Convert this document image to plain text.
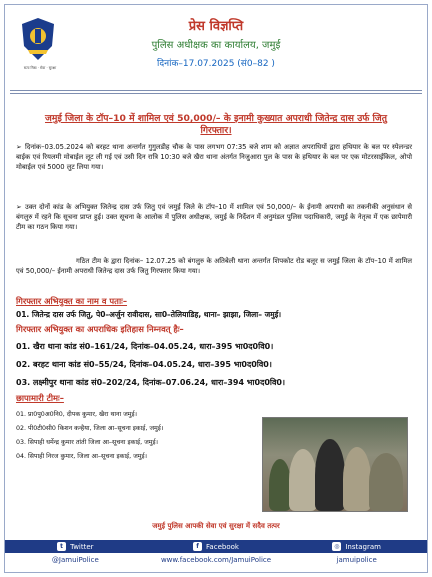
सत्य निष्ठा · सेवा · सुरक्षा
प्रेस विज्ञप्ति
पुलिस अधीक्षक का कार्यालय, जमुई
दिनांक–17.07.2025 (सं0–82 )
जमुई जिला के टॉप–10 में शामिल एवं 50,000/– के इनामी कुख्यात अपराधी जितेन्द्र दास उर्फ जितु गिरफ्तार।
➢ दिनांक–03.05.2024 को बरहट थाना अन्तर्गत गुगुलडीह चौक के पास लगभग 07:35 बजे शाम को अज्ञात अपराधियों द्वारा हथियार के बल पर स्पेलन्डर बाईक एवं रियलमी मोबाईल लूट ली गई एवं उसी दिन रात्रि 10:30 बजे खैरा थाना अंतर्गत निजुआरा पुल के पास के हथियार के बल पर एक मोटरसाईकिल, ओपो मोबाईल एवं 5000 लुट लिया गया।
➢ उक्त दोनों कांड के अभियुक्त जितेन्द्र दास उर्फ जितु एवं जमुई जिले के टॉप–10 में शामिल एवं 50,000/– के ईनामी अपराधी का तकनीकी अनुसंधान से बंगलुरु में रहने कि सूचना प्राप्त हुई। उक्त सूचना के आलोक में पुलिस अधीक्षक, जमुई के निर्देशन में अनुमंडल पुलिस पदाधिकारी, जमुई के नेतृत्व में एक छापेमारी टीम का गठन किया गया।
गठित टीम के द्वारा दिनांक– 12.07.25 को बंगलुरु के अतिबेली थाना अन्तर्गत शिपकोट रोड बलूर स जमुई जिला के टॉप–10 में शामिल एवं 50,000/– ईनामी अपराधी जितेन्द्र दास उर्फ जितु गिरफ्तार किया गया।
गिरफ्तार अभियुक्त का नाम व पताः–
01. जितेन्द्र दास उर्फ जितु, पे0–अर्जुन रावीदास, सा0–तेलियाडिह, थाना– झाझा, जिला– जमुई।
गिरफ्तार अभियुक्त का अपराधिक इतिहास निम्नवत् हैः–
01. खैरा थाना कांड सं0–161/24, दिनांक–04.05.24, धारा–395 भा0द0वि0।
02. बरहट थाना कांड सं0–55/24, दिनांक–04.05.24, धारा–395 भा0द0वि0।
03. लक्ष्मीपुर थाना कांड सं0–202/24, दिनांक–07.06.24, धारा–394 भा0द0वि0।
छापामारी टीमः–
01. प्रा0पु0अ0नि0, दीपक कुमार, खैरा थाना जमुई।
02. पी0टी0सी0 किशन कन्हैया, जिला आ–सूचना इकाई, जमुई।
03. सिपाही धर्मेन्द्र कुमार तांती जिला आ–सूचना इकाई, जमुई।
04. सिपाही निरज कुमार, जिला आ–सूचना इकाई, जमुई।
जमुई पुलिस आपकी सेवा एवं सुरक्षा में सदैव तत्पर
t	Twitter	f	Facebook	◎ Instagram
@JamuiPolice	www.facebook.com/JamuiPolice	jamuipolice
